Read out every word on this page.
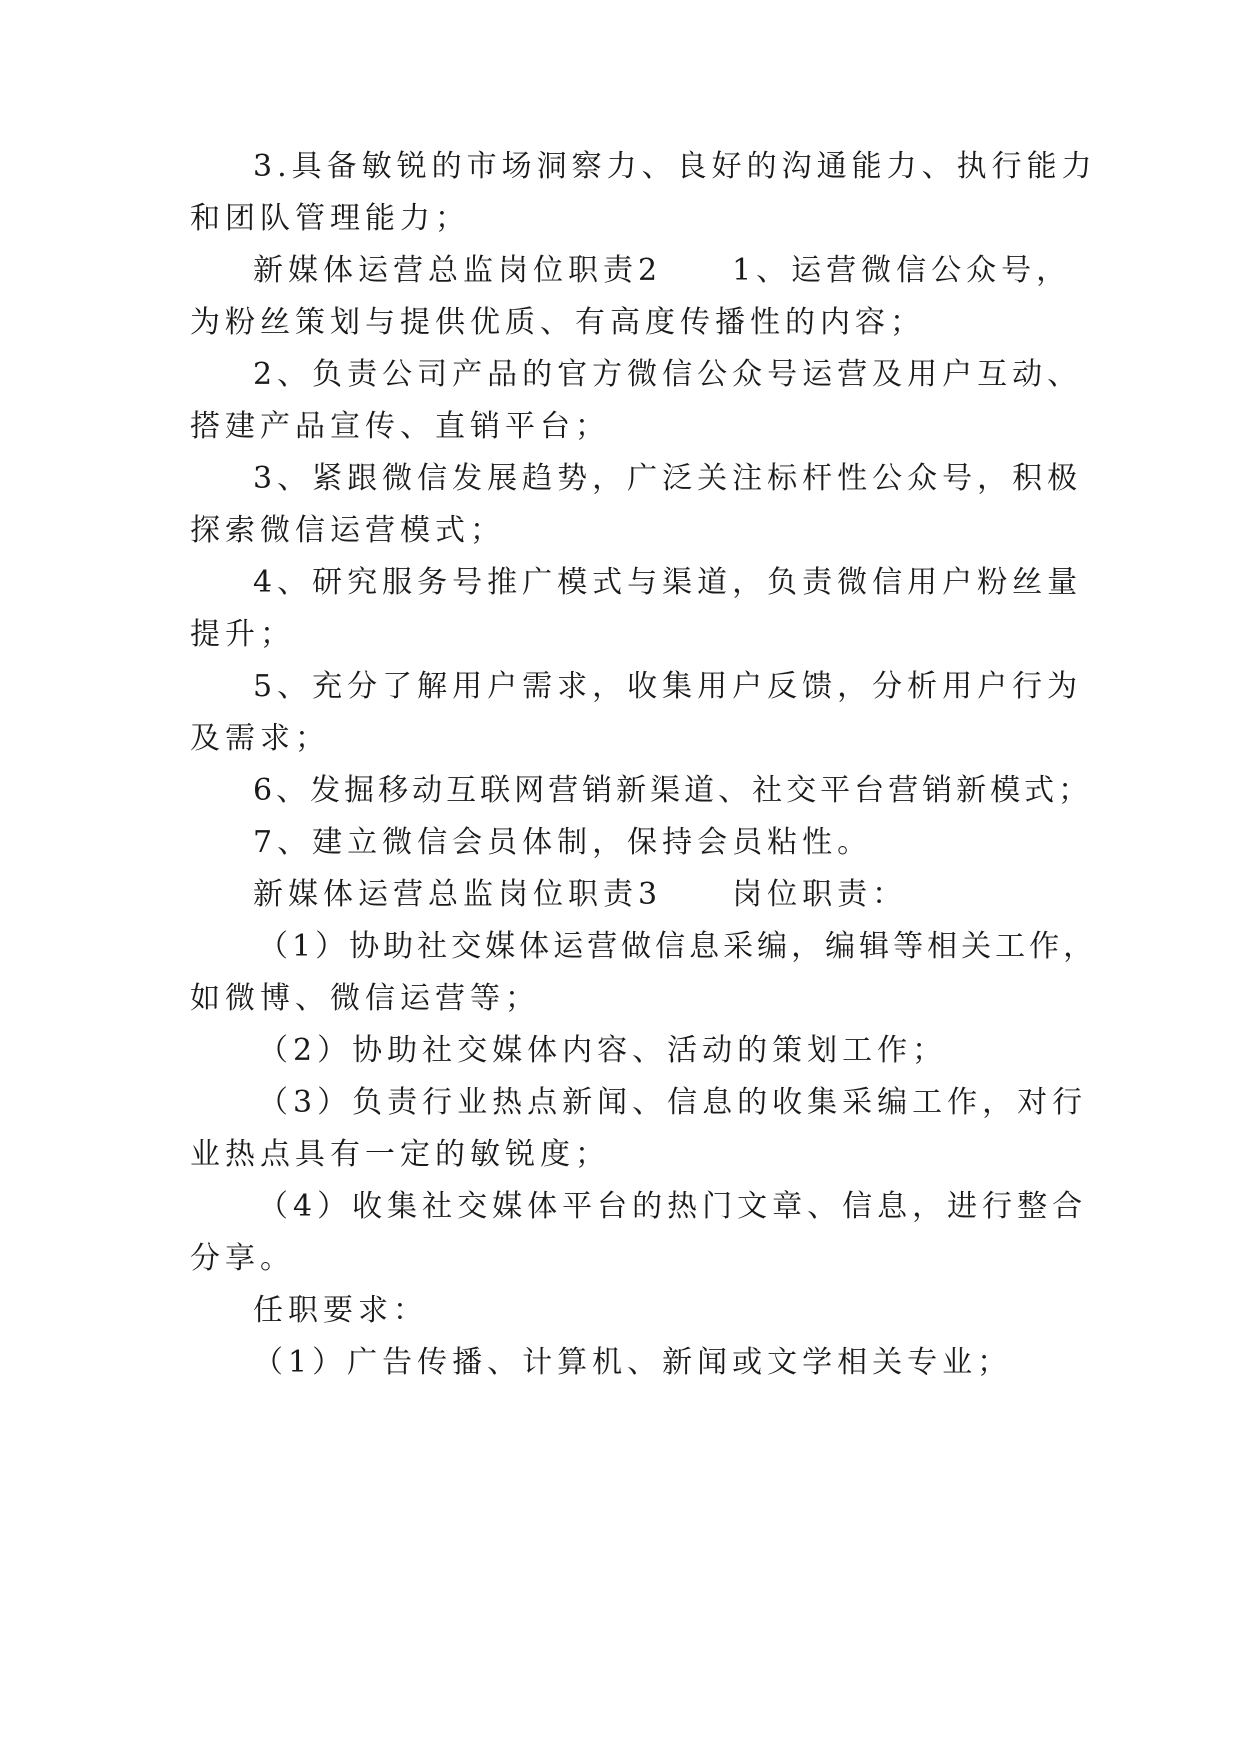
3.具备敏锐的市场洞察力、良好的沟通能力、执行能力
和团队管理能力；
新媒体运营总监岗位职责2 1、运营微信公众号，
为粉丝策划与提供优质、有高度传播性的内容；
2、负责公司产品的官方微信公众号运营及用户互动、
搭建产品宣传、直销平台；
3、紧跟微信发展趋势，广泛关注标杆性公众号，积极
探索微信运营模式；
4、研究服务号推广模式与渠道，负责微信用户粉丝量
提升；
5、充分了解用户需求，收集用户反馈，分析用户行为
及需求；
6、发掘移动互联网营销新渠道、社交平台营销新模式；
7、建立微信会员体制，保持会员粘性。
新媒体运营总监岗位职责3 岗位职责：
（1）协助社交媒体运营做信息采编，编辑等相关工作，
如微博、微信运营等；
（2）协助社交媒体内容、活动的策划工作；
（3）负责行业热点新闻、信息的收集采编工作，对行
业热点具有一定的敏锐度；
（4）收集社交媒体平台的热门文章、信息，进行整合
分享。
任职要求：
（1）广告传播、计算机、新闻或文学相关专业；
